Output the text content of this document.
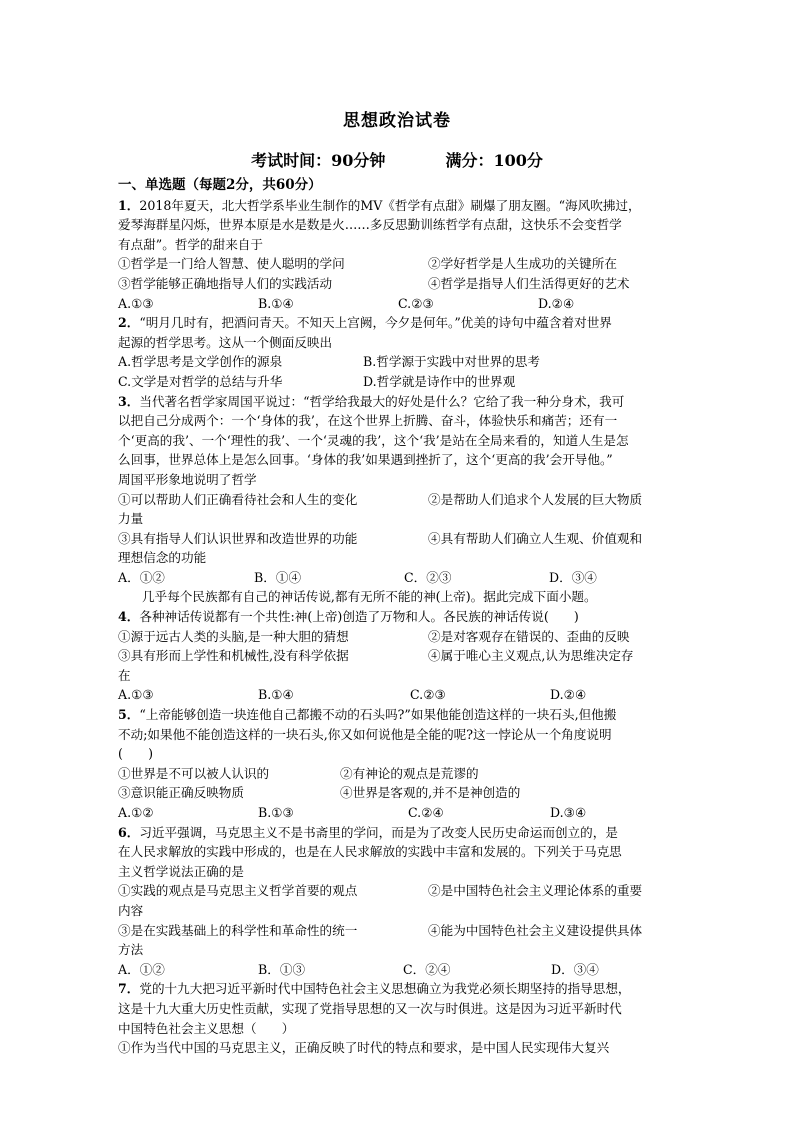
思想政治试卷
考试时间：90分钟	满分：100分
一、单选题（每题2分，共60分）
1．2018年夏天，北大哲学系毕业生制作的MV《哲学有点甜》刷爆了朋友圈。“海风吹拂过，
爱琴海群星闪烁，世界本原是水是数是火……多反思勤训练哲学有点甜，这快乐不会变哲学
有点甜”。哲学的甜来自于
①哲学是一门给人智慧、使人聪明的学问	②学好哲学是人生成功的关键所在
③哲学能够正确地指导人们的实践活动	④哲学是指导人们生活得更好的艺术
A.①③	B.①④	C.②③	D.②④
2．“明月几时有，把酒问青天。不知天上宫阙，今夕是何年。”优美的诗句中蕴含着对世界
起源的哲学思考。这从一个侧面反映出
A.哲学思考是文学创作的源泉	B.哲学源于实践中对世界的思考
C.文学是对哲学的总结与升华	D.哲学就是诗作中的世界观
3．当代著名哲学家周国平说过：“哲学给我最大的好处是什么？它给了我一种分身术，我可
以把自己分成两个：一个‘身体的我’，在这个世界上折腾、奋斗，体验快乐和痛苦；还有一
个‘更高的我’、一个‘理性的我’、一个‘灵魂的我’，这个‘我’是站在全局来看的，知道人生是怎
么回事，世界总体上是怎么回事。‘身体的我’如果遇到挫折了，这个‘更高的我’会开导他。”
周国平形象地说明了哲学
①可以帮助人们正确看待社会和人生的变化	②是帮助人们追求个人发展的巨大物质
力量
③具有指导人们认识世界和改造世界的功能	④具有帮助人们确立人生观、价值观和
理想信念的功能
A．①②	B．①④	C．②③	D．③④
几乎每个民族都有自己的神话传说,都有无所不能的神(上帝)。据此完成下面小题。
4．各种神话传说都有一个共性:神(上帝)创造了万物和人。各民族的神话传说(　　)
①源于远古人类的头脑,是一种大胆的猜想	②是对客观存在错误的、歪曲的反映
③具有形而上学性和机械性,没有科学依据	④属于唯心主义观点,认为思维决定存
在
A.①③	B.①④	C.②③	D.②④
5．“上帝能够创造一块连他自己都搬不动的石头吗?”如果他能创造这样的一块石头,但他搬
不动;如果他不能创造这样的一块石头,你又如何说他是全能的呢?这一悖论从一个角度说明
(　　)
①世界是不可以被人认识的	②有神论的观点是荒谬的
③意识能正确反映物质	④世界是客观的,并不是神创造的
A.①②	B.①③	C.②④	D.③④
6．习近平强调，马克思主义不是书斋里的学问，而是为了改变人民历史命运而创立的，是
在人民求解放的实践中形成的，也是在人民求解放的实践中丰富和发展的。下列关于马克思
主义哲学说法正确的是
①实践的观点是马克思主义哲学首要的观点	②是中国特色社会主义理论体系的重要
内容
③是在实践基础上的科学性和革命性的统一	④能为中国特色社会主义建设提供具体
方法
A．①②	B．①③	C．②④	D．③④
7．党的十九大把习近平新时代中国特色社会主义思想确立为我党必须长期坚持的指导思想，
这是十九大重大历史性贡献，实现了党指导思想的又一次与时俱进。这是因为习近平新时代
中国特色社会主义思想（　　）
①作为当代中国的马克思主义，正确反映了时代的特点和要求，是中国人民实现伟大复兴
